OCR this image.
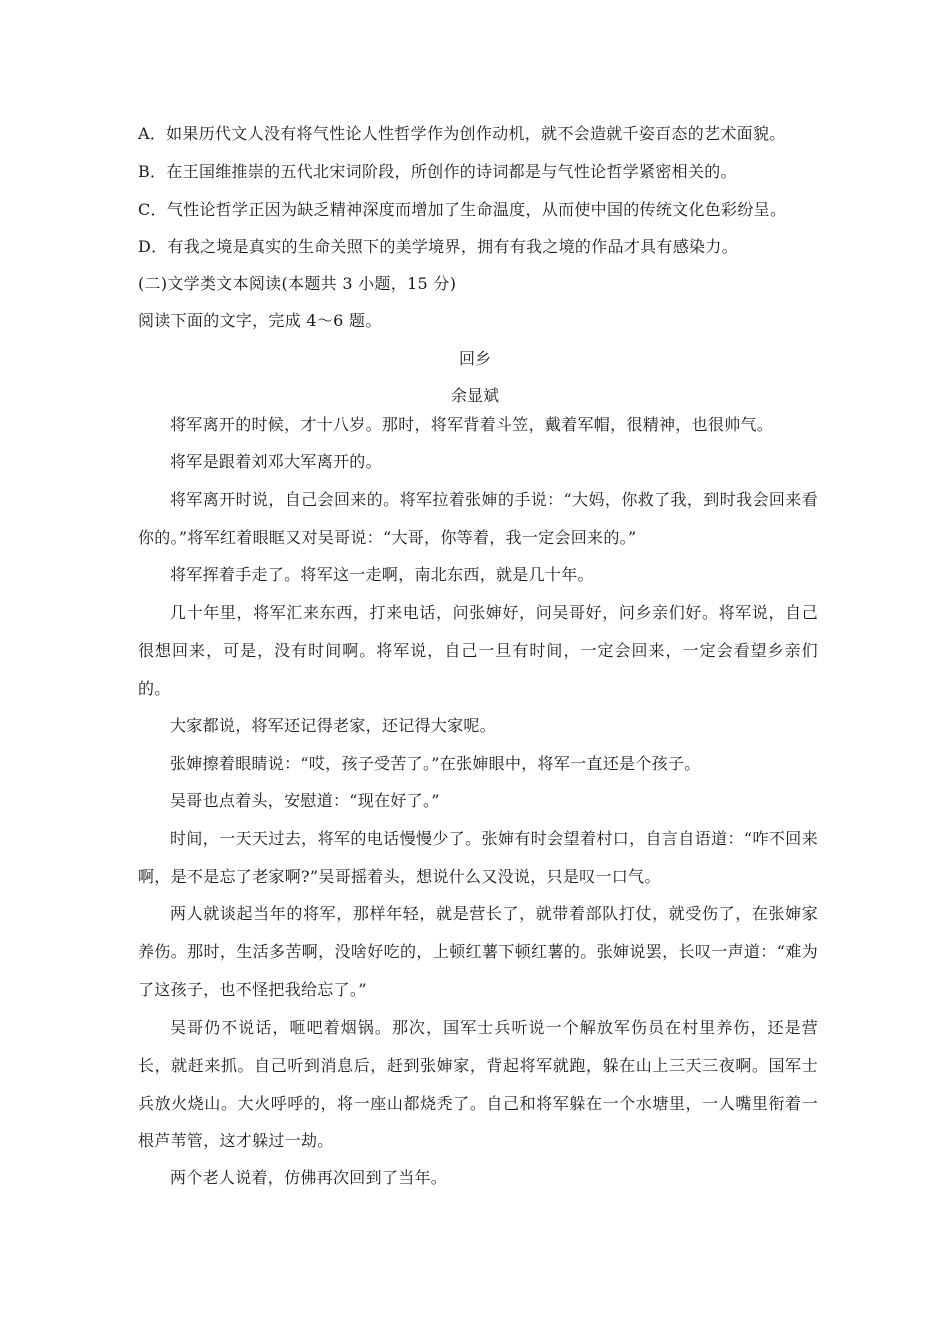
A．如果历代文人没有将气性论人性哲学作为创作动机，就不会造就千姿百态的艺术面貌。
B．在王国维推崇的五代北宋词阶段，所创作的诗词都是与气性论哲学紧密相关的。
C．气性论哲学正因为缺乏精神深度而增加了生命温度，从而使中国的传统文化色彩纷呈。
D．有我之境是真实的生命关照下的美学境界，拥有有我之境的作品才具有感染力。
(二)文学类文本阅读(本题共 3 小题，15 分)
阅读下面的文字，完成 4～6 题。
回乡
余显斌
将军离开的时候，才十八岁。那时，将军背着斗笠，戴着军帽，很精神，也很帅气。
将军是跟着刘邓大军离开的。
将军离开时说，自己会回来的。将军拉着张婶的手说：“大妈，你救了我，到时我会回来看你的。”将军红着眼眶又对吴哥说：“大哥，你等着，我一定会回来的。”
将军挥着手走了。将军这一走啊，南北东西，就是几十年。
几十年里，将军汇来东西，打来电话，问张婶好，问吴哥好，问乡亲们好。将军说，自己很想回来，可是，没有时间啊。将军说，自己一旦有时间，一定会回来，一定会看望乡亲们的。
大家都说，将军还记得老家，还记得大家呢。
张婶擦着眼睛说：“哎，孩子受苦了。”在张婶眼中，将军一直还是个孩子。
吴哥也点着头，安慰道：“现在好了。”
时间，一天天过去，将军的电话慢慢少了。张婶有时会望着村口，自言自语道：“咋不回来啊，是不是忘了老家啊?”吴哥摇着头，想说什么又没说，只是叹一口气。
两人就谈起当年的将军，那样年轻，就是营长了，就带着部队打仗，就受伤了，在张婶家养伤。那时，生活多苦啊，没啥好吃的，上顿红薯下顿红薯的。张婶说罢，长叹一声道：“难为了这孩子，也不怪把我给忘了。”
吴哥仍不说话，咂吧着烟锅。那次，国军士兵听说一个解放军伤员在村里养伤，还是营长，就赶来抓。自己听到消息后，赶到张婶家，背起将军就跑，躲在山上三天三夜啊。国军士兵放火烧山。大火呼呼的，将一座山都烧秃了。自己和将军躲在一个水塘里，一人嘴里衔着一根芦苇管，这才躲过一劫。
两个老人说着，仿佛再次回到了当年。
